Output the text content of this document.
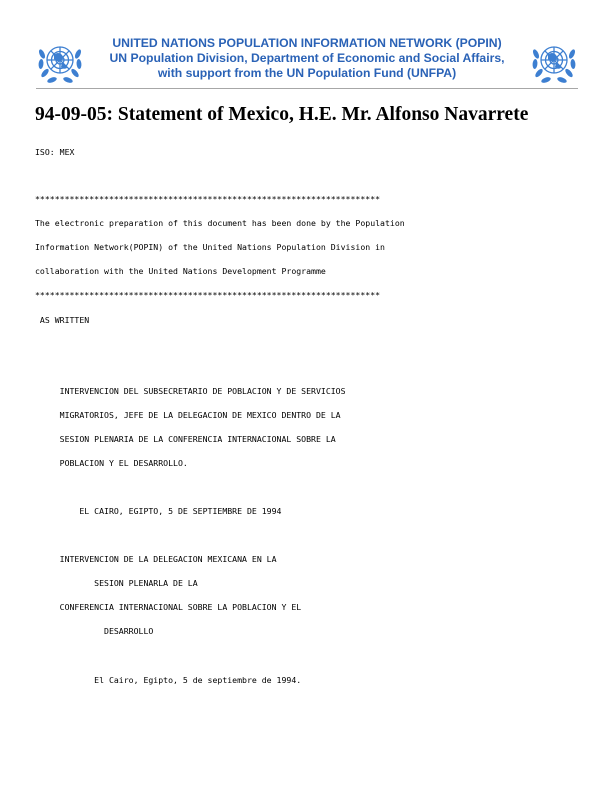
UNITED NATIONS POPULATION INFORMATION NETWORK (POPIN)
UN Population Division, Department of Economic and Social Affairs,
with support from the UN Population Fund (UNFPA)
94-09-05: Statement of Mexico, H.E. Mr. Alfonso Navarrete
ISO: MEX
**********************************************************************
The electronic preparation of this document has been done by the Population
Information Network(POPIN) of the United Nations Population Division in
collaboration with the United Nations Development Programme
**********************************************************************
AS WRITTEN
INTERVENCION DEL SUBSECRETARIO DE POBLACION Y DE SERVICIOS
MIGRATORIOS, JEFE DE LA DELEGACION DE MEXICO DENTRO DE LA
SESION PLENARIA DE LA CONFERENCIA INTERNACIONAL SOBRE LA
POBLACION Y EL DESARROLLO.
EL CAIRO, EGIPTO, 5 DE SEPTIEMBRE DE 1994
INTERVENCION DE LA DELEGACION MEXICANA EN LA
SESION PLENARLA DE LA
CONFERENCIA INTERNACIONAL SOBRE LA POBLACION Y EL
DESARROLLO
El Cairo, Egipto, 5 de septiembre de 1994.
